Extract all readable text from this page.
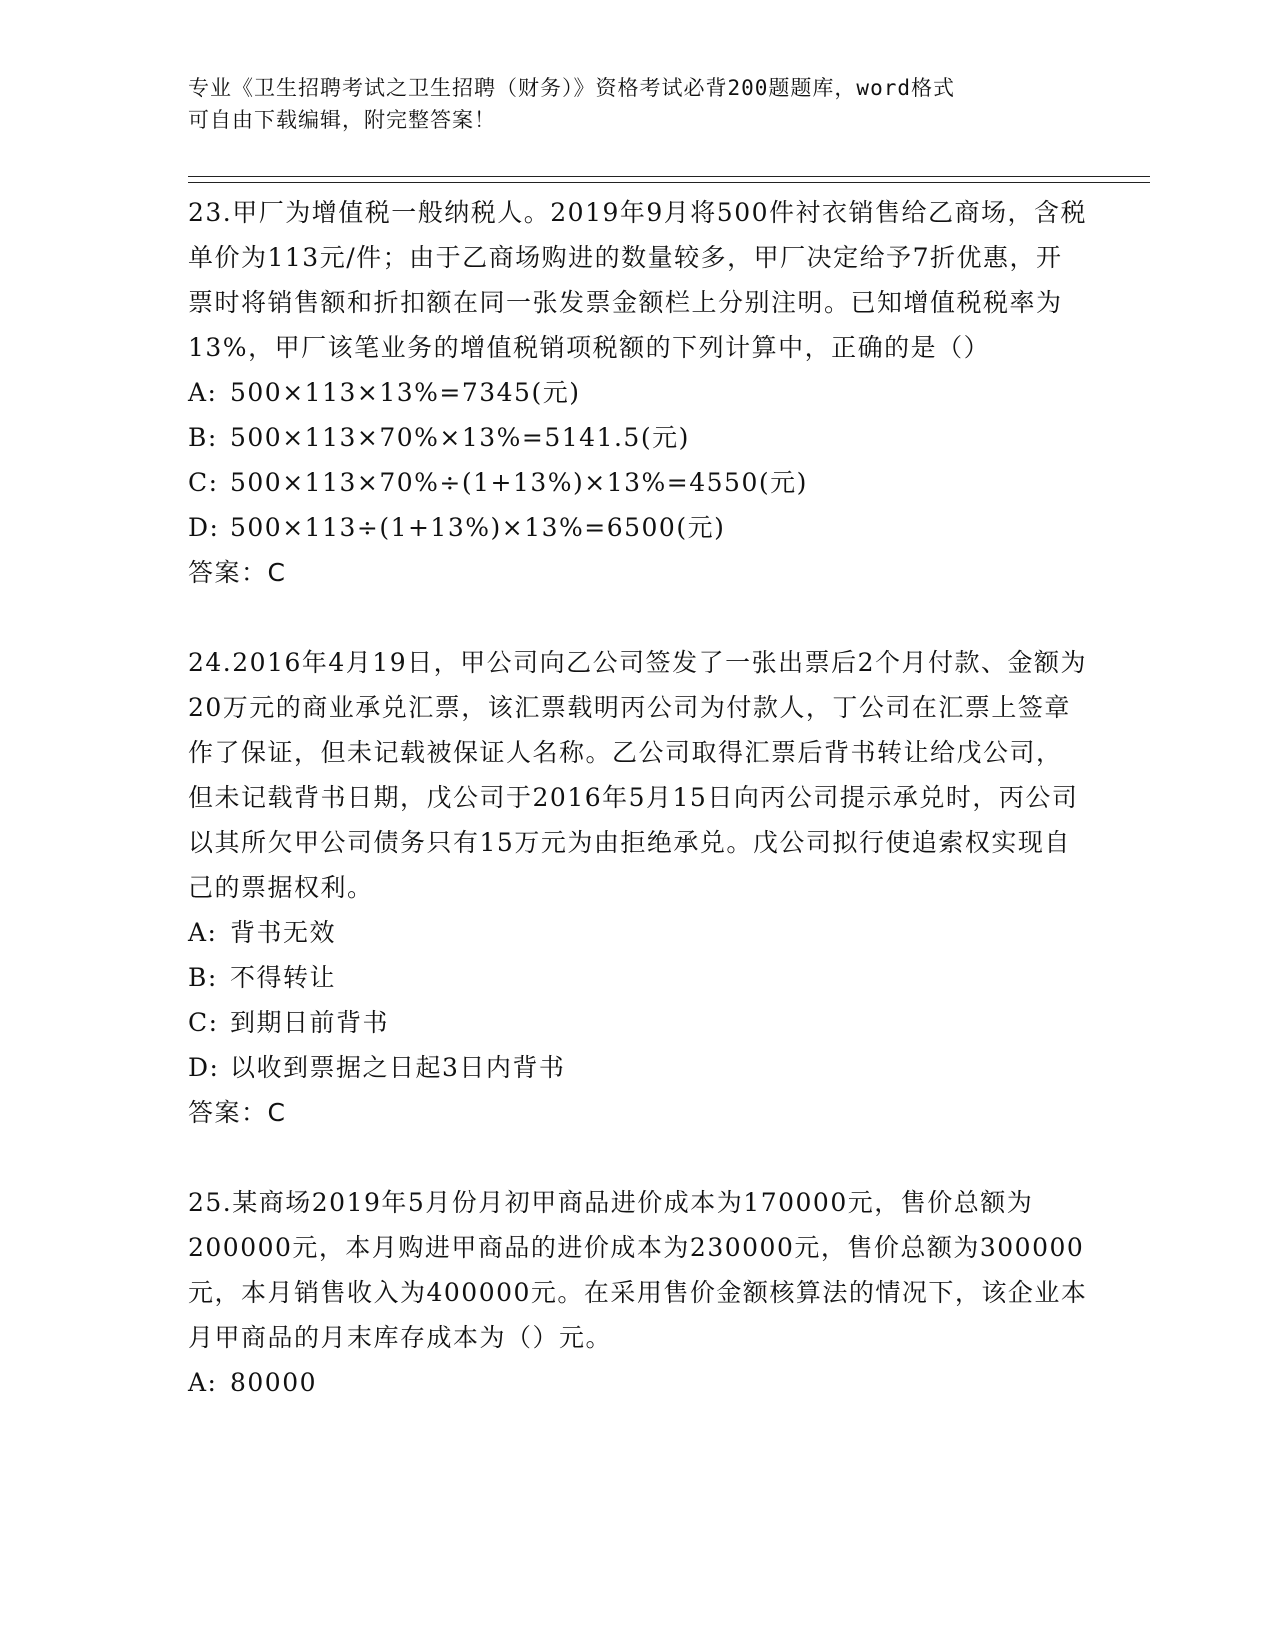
专业《卫生招聘考试之卫生招聘（财务）》资格考试必背200题题库，word格式
可自由下载编辑，附完整答案！

23.甲厂为增值税一般纳税人。2019年9月将500件衬衣销售给乙商场，含税单价为113元/件；由于乙商场购进的数量较多，甲厂决定给予7折优惠，开票时将销售额和折扣额在同一张发票金额栏上分别注明。已知增值税税率为13%，甲厂该笔业务的增值税销项税额的下列计算中，正确的是（）

A: 500×113×13%=7345(元)

B: 500×113×70%×13%=5141.5(元)

C: 500×113×70%÷(1+13%)×13%=4550(元)

D: 500×113÷(1+13%)×13%=6500(元)

答案：C

24.2016年4月19日，甲公司向乙公司签发了一张出票后2个月付款、金额为20万元的商业承兑汇票，该汇票载明丙公司为付款人，丁公司在汇票上签章作了保证，但未记载被保证人名称。乙公司取得汇票后背书转让给戊公司，但未记载背书日期，戊公司于2016年5月15日向丙公司提示承兑时，丙公司以其所欠甲公司债务只有15万元为由拒绝承兑。戊公司拟行使追索权实现自己的票据权利。

A: 背书无效

B: 不得转让

C: 到期日前背书

D: 以收到票据之日起3日内背书

答案：C

25.某商场2019年5月份月初甲商品进价成本为170000元，售价总额为200000元，本月购进甲商品的进价成本为230000元，售价总额为300000元，本月销售收入为400000元。在采用售价金额核算法的情况下，该企业本月甲商品的月末库存成本为（）元。

A: 80000
